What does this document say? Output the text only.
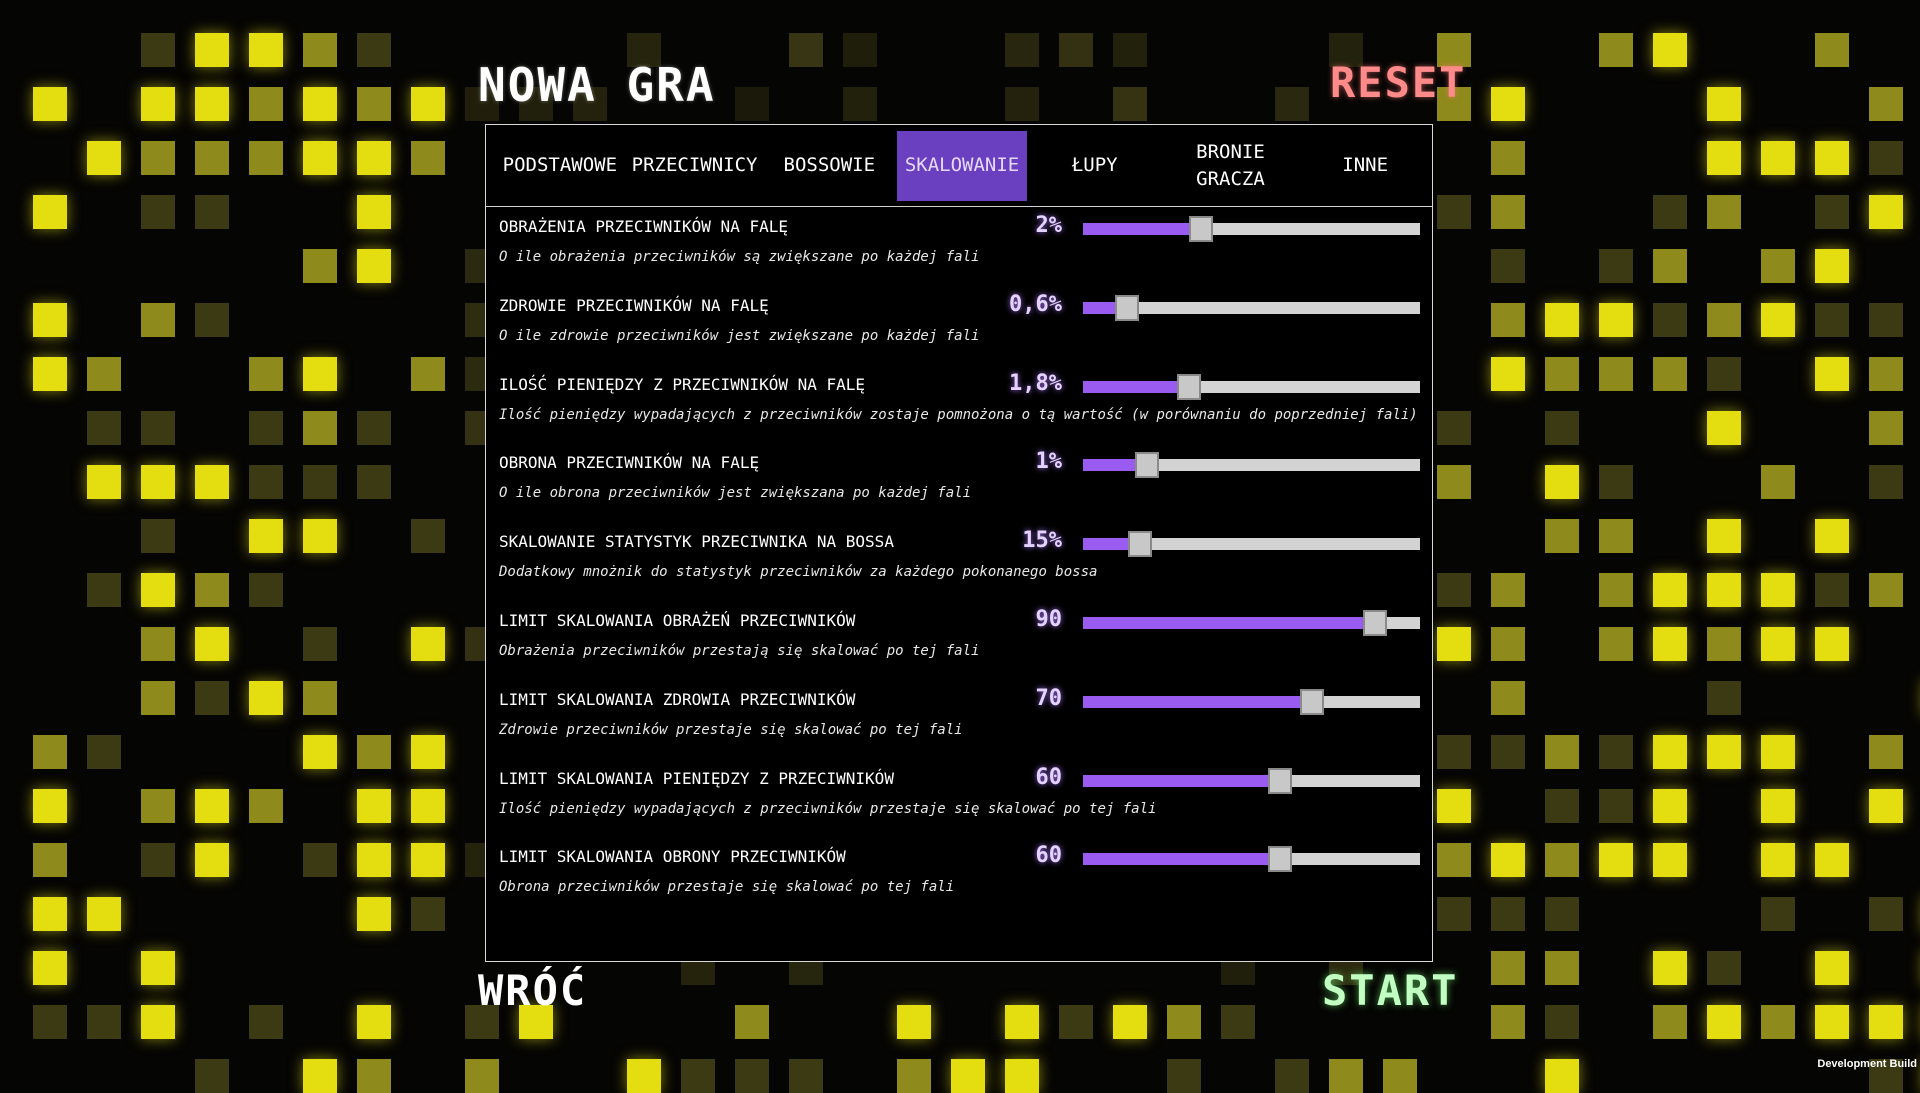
NOWA GRA	RESET
PODSTAWOWE PRZECIWNICY	BOSSOWIE	SKALOWANIE	ŁUPY
BRONIE
GRACZA
INNE
OBRAŻENIA PRZECIWNIKÓW NA FALĘ
O ile obrażenia przeciwników są zwiększane po każdej fali
2%
ZDROWIE PRZECIWNIKÓW NA FALĘ
O ile zdrowie przeciwników jest zwiększane po każdej fali
0,6%
ILOŚĆ PIENIĘDZY Z PRZECIWNIKÓW NA FALĘ
Ilość pieniędzy wypadających z przeciwników zostaje pomnożona o tą wartość (w porównaniu do poprzedniej fali)
1,8%
OBRONA PRZECIWNIKÓW NA FALĘ
O ile obrona przeciwników jest zwiększana po każdej fali
1%
SKALOWANIE STATYSTYK PRZECIWNIKA NA BOSSA
Dodatkowy mnożnik do statystyk przeciwników za każdego pokonanego bossa
15%
LIMIT SKALOWANIA OBRAŻEŃ PRZECIWNIKÓW
Obrażenia przeciwników przestają się skalować po tej fali
90
LIMIT SKALOWANIA ZDROWIA PRZECIWNIKÓW
Zdrowie przeciwników przestaje się skalować po tej fali
70
LIMIT SKALOWANIA PIENIĘDZY Z PRZECIWNIKÓW
Ilość pieniędzy wypadających z przeciwników przestaje się skalować po tej fali
60
LIMIT SKALOWANIA OBRONY PRZECIWNIKÓW
Obrona przeciwników przestaje się skalować po tej fali
60
WRÓĆ	START
Development Build
